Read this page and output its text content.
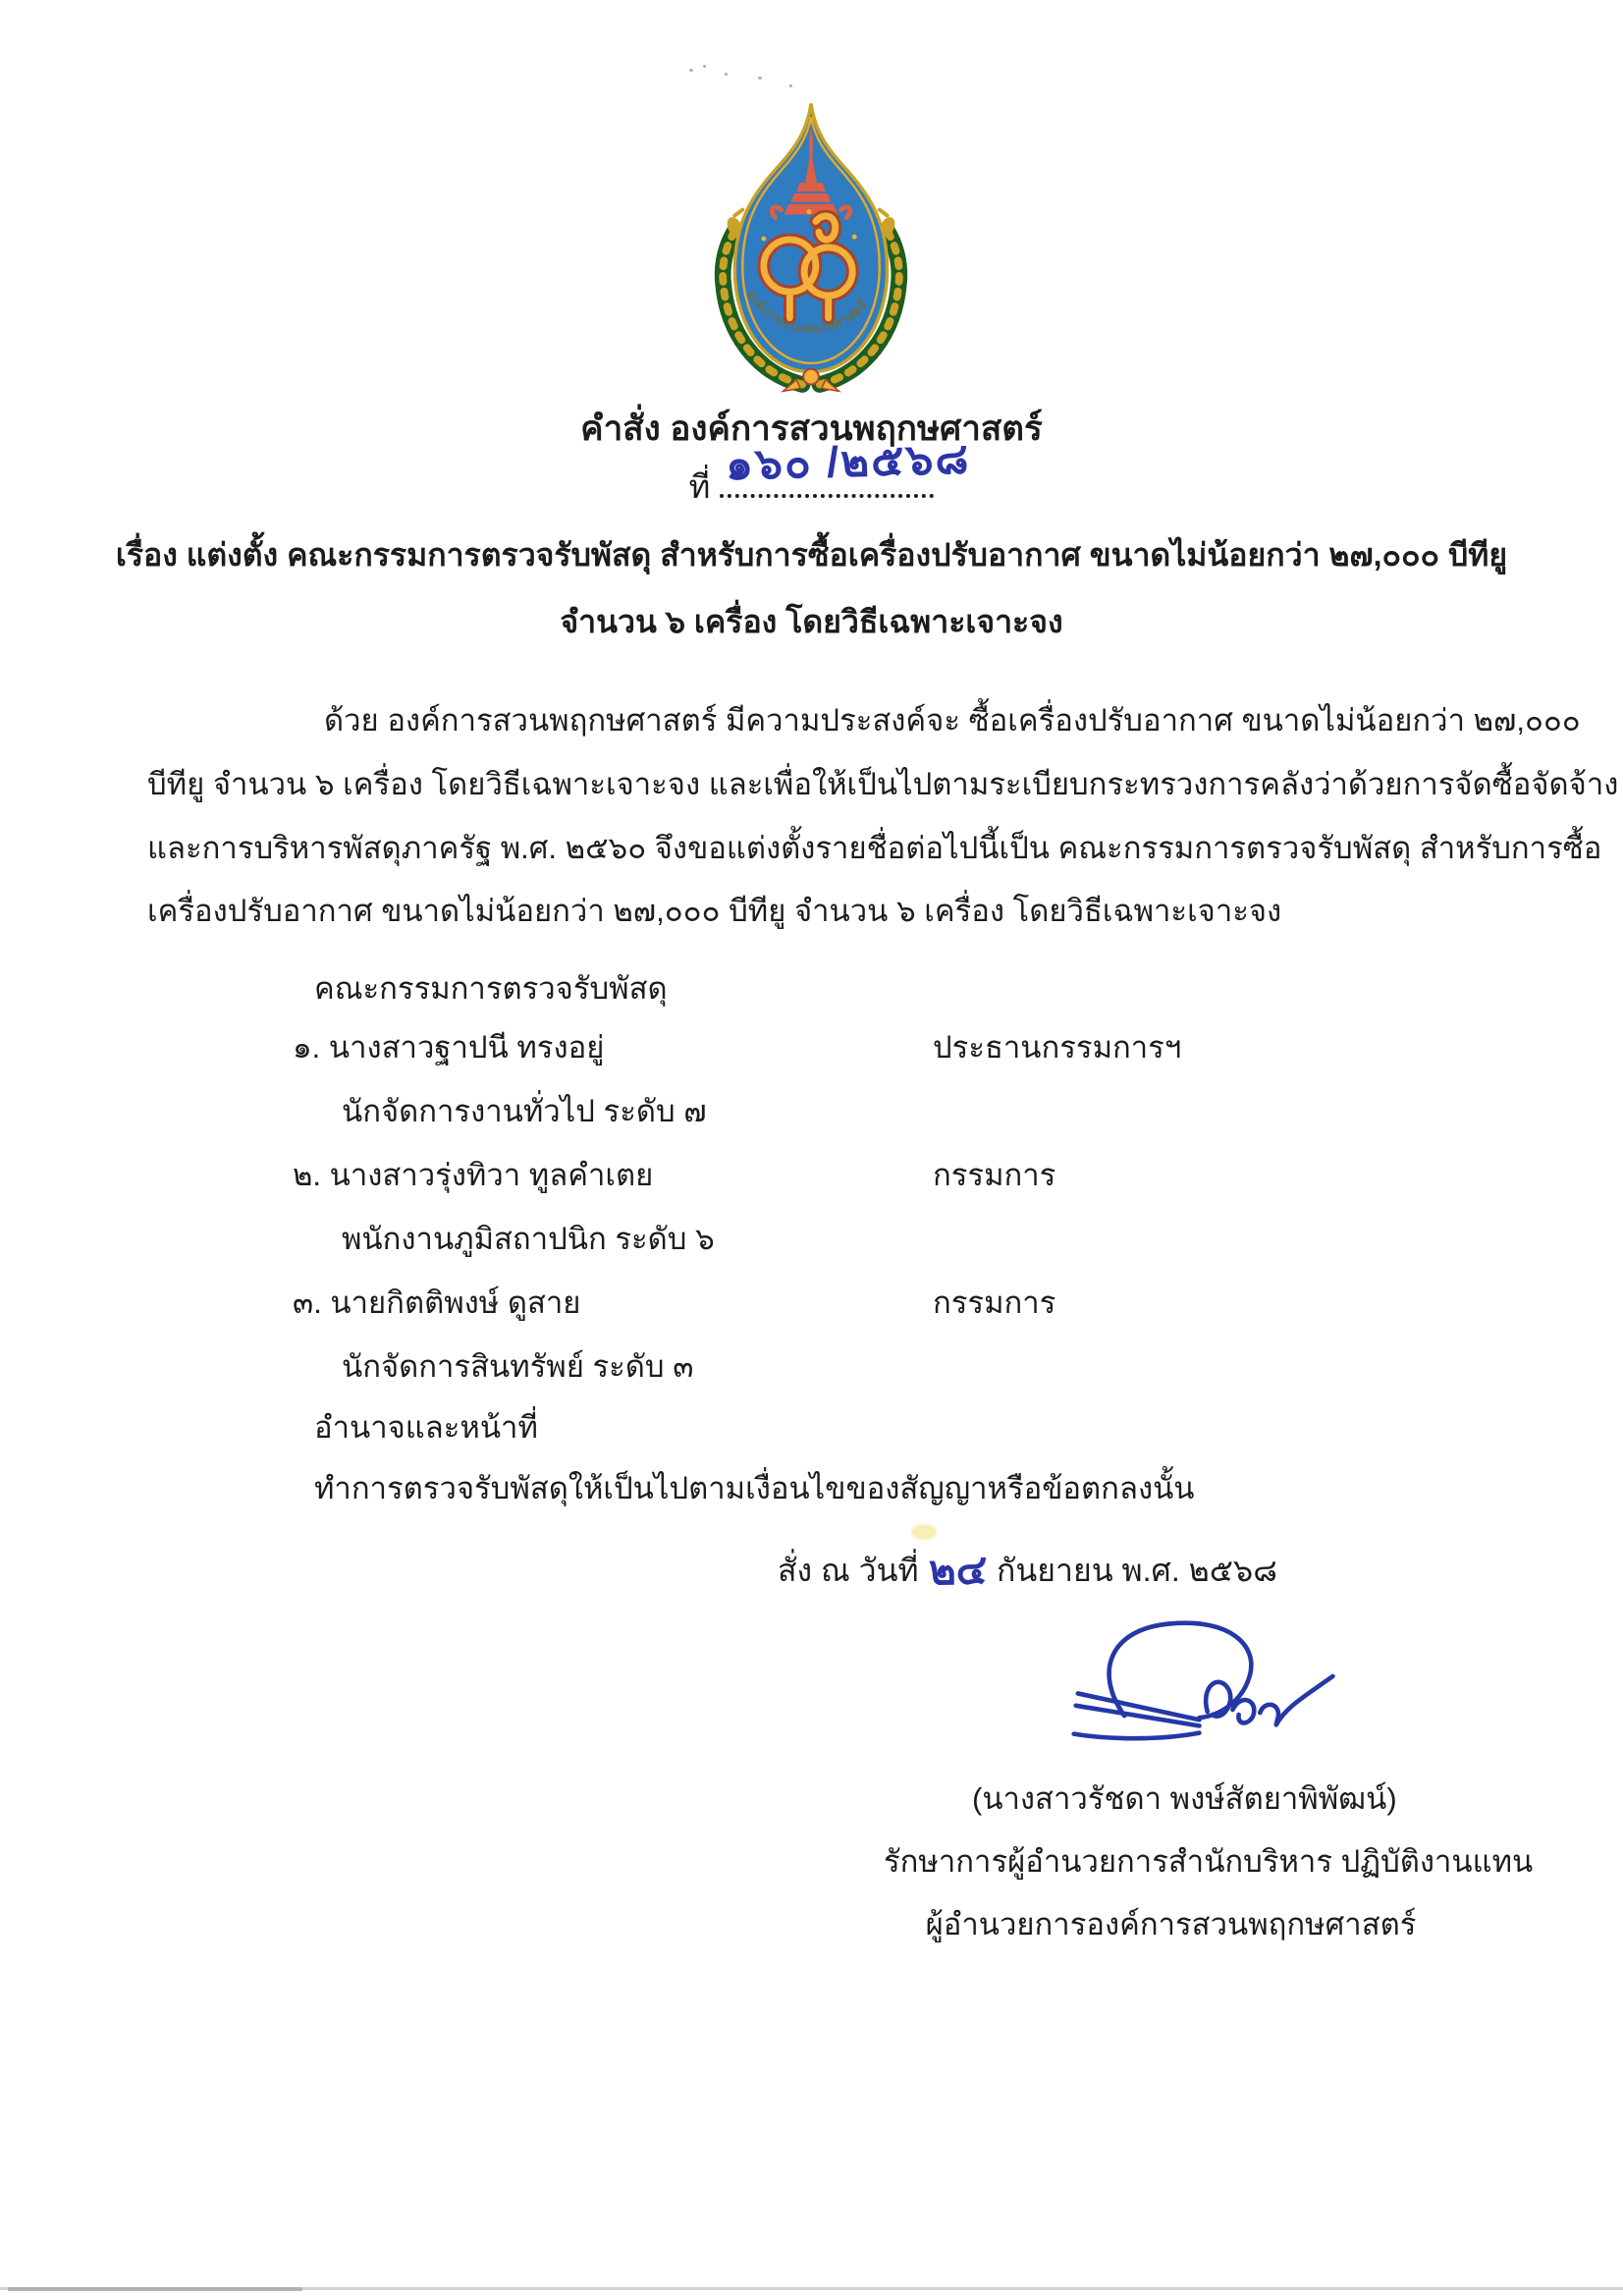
องค์การสวนพฤกษศาสตร์
คำสั่ง องค์การสวนพฤกษศาสตร์
ที่ ๑๖๐ /๒๕๖๘
เรื่อง แต่งตั้ง คณะกรรมการตรวจรับพัสดุ สำหรับการซื้อเครื่องปรับอากาศ ขนาดไม่น้อยกว่า ๒๗,๐๐๐ บีทียู
จำนวน ๖ เครื่อง โดยวิธีเฉพาะเจาะจง
ด้วย องค์การสวนพฤกษศาสตร์ มีความประสงค์จะ ซื้อเครื่องปรับอากาศ ขนาดไม่น้อยกว่า ๒๗,๐๐๐
บีทียู จำนวน ๖ เครื่อง โดยวิธีเฉพาะเจาะจง และเพื่อให้เป็นไปตามระเบียบกระทรวงการคลังว่าด้วยการจัดซื้อจัดจ้าง
และการบริหารพัสดุภาครัฐ พ.ศ. ๒๕๖๐ จึงขอแต่งตั้งรายชื่อต่อไปนี้เป็น คณะกรรมการตรวจรับพัสดุ สำหรับการซื้อ
เครื่องปรับอากาศ ขนาดไม่น้อยกว่า ๒๗,๐๐๐ บีทียู จำนวน ๖ เครื่อง โดยวิธีเฉพาะเจาะจง
คณะกรรมการตรวจรับพัสดุ
๑. นางสาวฐาปนี ทรงอยู่	ประธานกรรมการฯ
นักจัดการงานทั่วไป ระดับ ๗
๒. นางสาวรุ่งทิวา ทูลคำเตย	กรรมการ
พนักงานภูมิสถาปนิก ระดับ ๖
๓. นายกิตติพงษ์ ดูสาย	กรรมการ
นักจัดการสินทรัพย์ ระดับ ๓
อำนาจและหน้าที่
ทำการตรวจรับพัสดุให้เป็นไปตามเงื่อนไขของสัญญาหรือข้อตกลงนั้น
สั่ง ณ วันที่ ๒๔ กันยายน พ.ศ. ๒๕๖๘
(นางสาวรัชดา พงษ์สัตยาพิพัฒน์)
รักษาการผู้อำนวยการสำนักบริหาร ปฏิบัติงานแทน
ผู้อำนวยการองค์การสวนพฤกษศาสตร์
